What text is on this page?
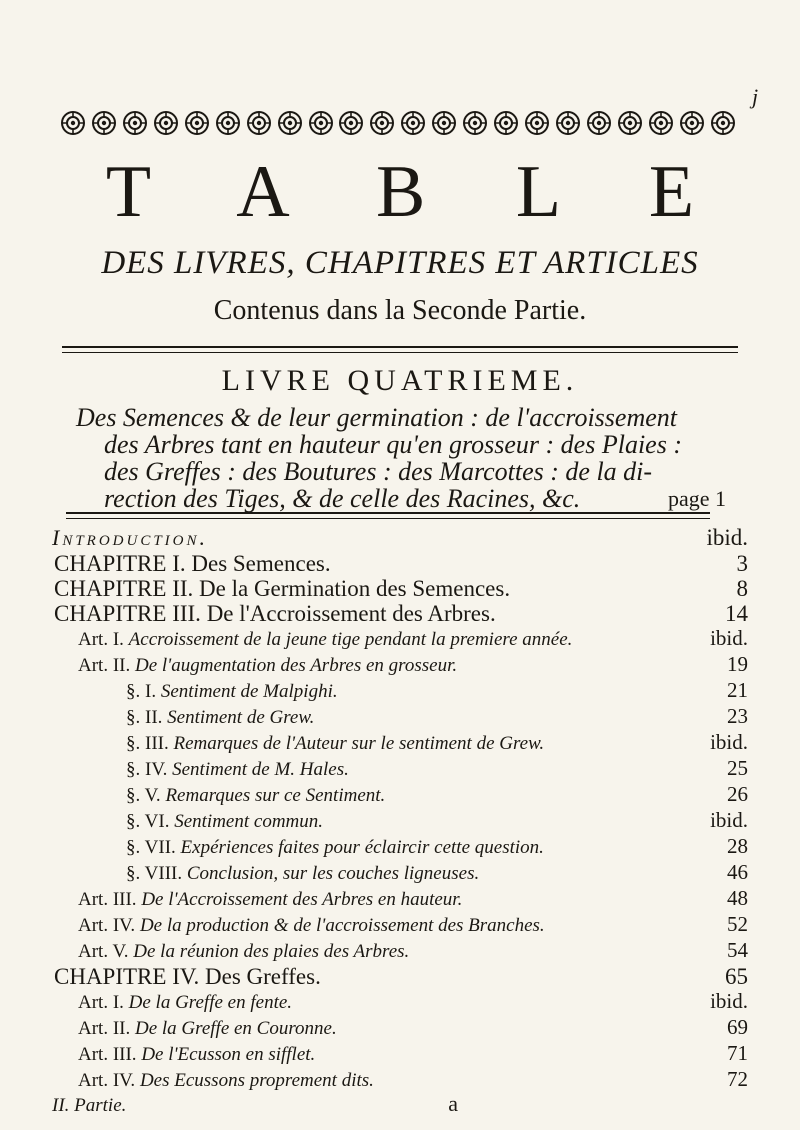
j
T A B L E
DES LIVRES, CHAPITRES ET ARTICLES
Contenus dans la Seconde Partie.
LIVRE QUATRIEME.
Des Semences & de leur germination : de l'accroissement
des Arbres tant en hauteur qu'en grosseur : des Plaies :
des Greffes : des Boutures : des Marcottes : de la di-
rection des Tiges, & de celle des Racines, &c.	page 1
Introduction.	ibid.
CHAPITRE I. Des Semences.	3
CHAPITRE II. De la Germination des Semences.	8
CHAPITRE III. De l'Accroissement des Arbres.	14
Art. I. Accroissement de la jeune tige pendant la premiere année.	ibid.
Art. II. De l'augmentation des Arbres en grosseur.	19
§. I. Sentiment de Malpighi.	21
§. II. Sentiment de Grew.	23
§. III. Remarques de l'Auteur sur le sentiment de Grew.	ibid.
§. IV. Sentiment de M. Hales.	25
§. V. Remarques sur ce Sentiment.	26
§. VI. Sentiment commun.	ibid.
§. VII. Expériences faites pour éclaircir cette question.	28
§. VIII. Conclusion, sur les couches ligneuses.	46
Art. III. De l'Accroissement des Arbres en hauteur.	48
Art. IV. De la production & de l'accroissement des Branches.	52
Art. V. De la réunion des plaies des Arbres.	54
CHAPITRE IV. Des Greffes.	65
Art. I. De la Greffe en fente.	ibid.
Art. II. De la Greffe en Couronne.	69
Art. III. De l'Ecusson en sifflet.	71
Art. IV. Des Ecussons proprement dits.	72
II. Partie.	a
